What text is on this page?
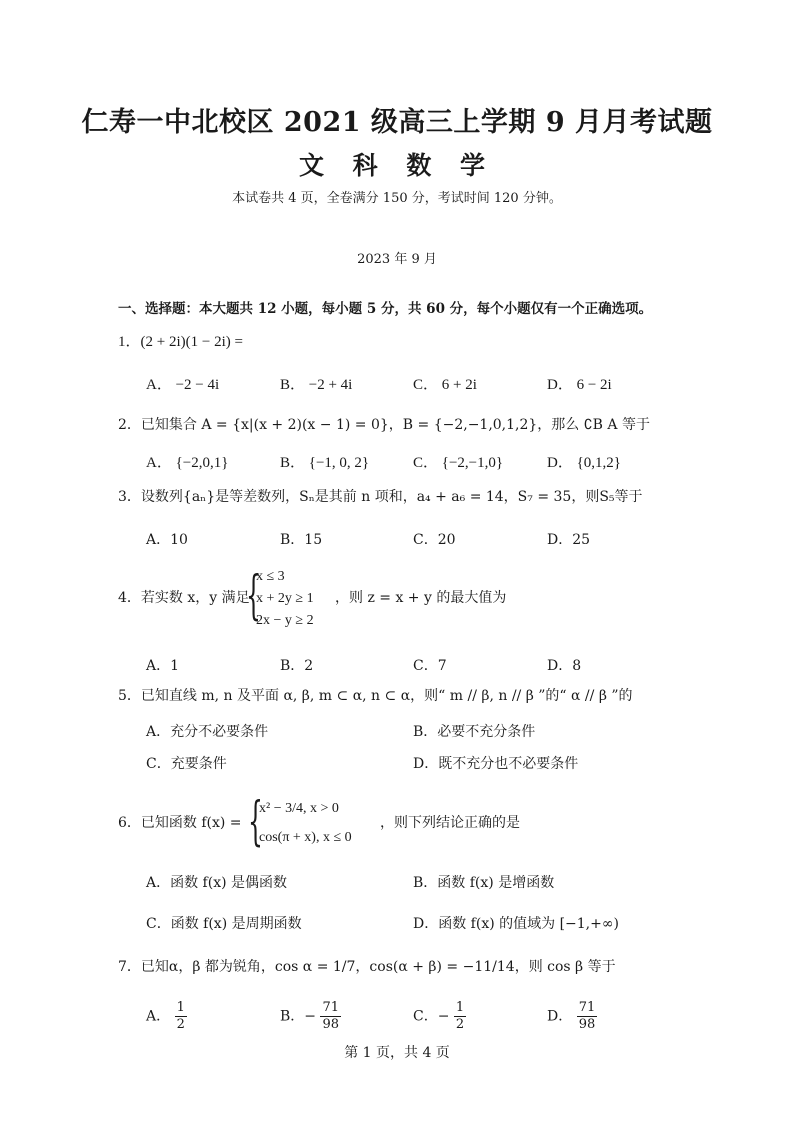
仁寿一中北校区 2021 级高三上学期 9 月月考试题
文 科 数 学
本试卷共 4 页，全卷满分 150 分，考试时间 120 分钟。
2023 年 9 月
一、选择题：本大题共 12 小题，每小题 5 分，共 60 分，每个小题仅有一个正确选项。
1．(2 + 2i)(1 − 2i) =
A． −2 − 4i	B． −2 + 4i	C． 6 + 2i	D． 6 − 2i
2．已知集合 A = {x|(x + 2)(x − 1) = 0}，B = {−2,−1,0,1,2}，那么 ∁B A 等于
A． {−2,0,1}	B． {−1, 0, 2}	C． {−2,−1,0}	D． {0,1,2}
3．设数列{aₙ}是等差数列，Sₙ是其前 n 项和，a₄ + a₆ = 14，S₇ = 35，则S₅等于
A．10	B．15	C．20	D．25
4．若实数 x，y 满足
{
x ≤ 3
x + 2y ≥ 1
2x − y ≥ 2
，则 z = x + y 的最大值为
A．1	B．2	C．7	D．8
5．已知直线 m, n 及平面 α, β, m ⊂ α, n ⊂ α，则“ m // β, n // β ”的“ α // β ”的
A．充分不必要条件	B．必要不充分条件
C．充要条件	D．既不充分也不必要条件
6．已知函数 f(x) = {
x² − 3/4, x > 0
cos(π + x), x ≤ 0
，则下列结论正确的是
A．函数 f(x) 是偶函数	B．函数 f(x) 是增函数
C．函数 f(x) 是周期函数	D．函数 f(x) 的值域为 [−1,+∞)
7．已知α，β 都为锐角，cos α = 1/7，cos(α + β) = −11/14，则 cos β 等于
A． $\frac{1}{2}$	B．− $\frac{71}{98}$	C．− $\frac{1}{2}$	D． $\frac{71}{98}$
第 1 页，共 4 页
